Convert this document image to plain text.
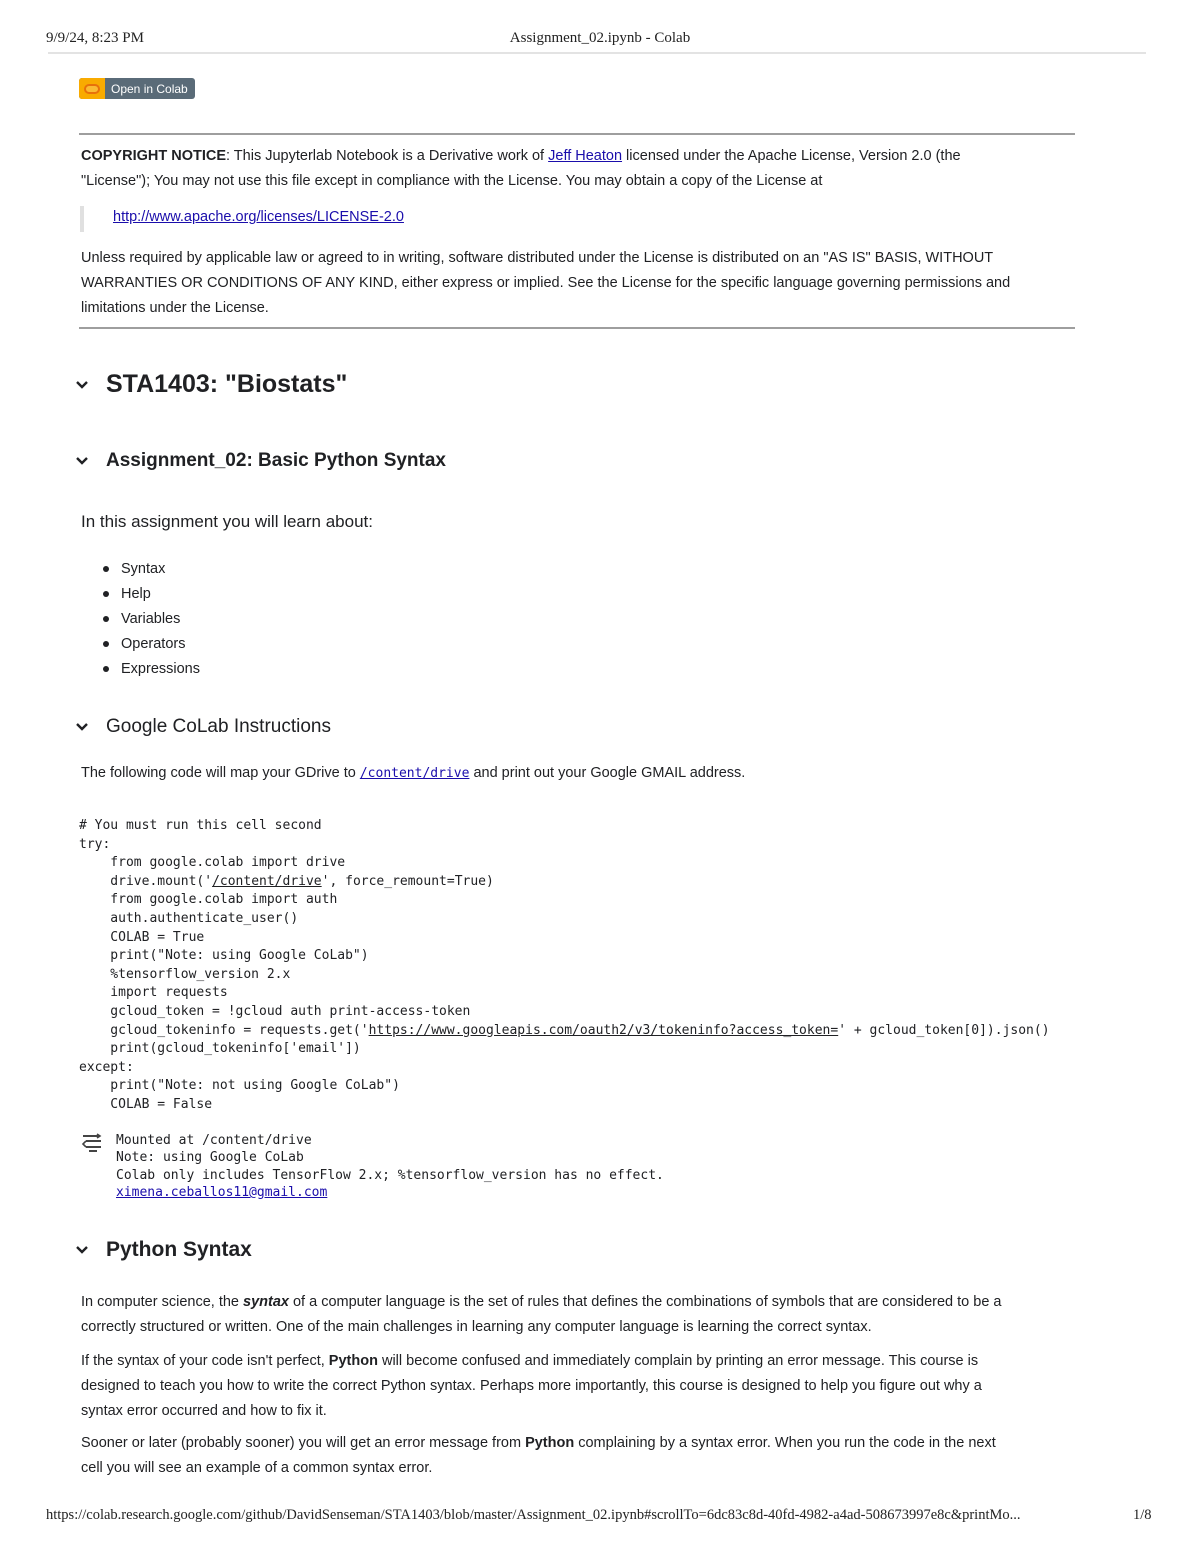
9/9/24, 8:23 PM	Assignment_02.ipynb - Colab
Open in Colab
COPYRIGHT NOTICE: This Jupyterlab Notebook is a Derivative work of Jeff Heaton licensed under the Apache License, Version 2.0 (the
"License"); You may not use this file except in compliance with the License. You may obtain a copy of the License at
http://www.apache.org/licenses/LICENSE-2.0
Unless required by applicable law or agreed to in writing, software distributed under the License is distributed on an "AS IS" BASIS, WITHOUT
WARRANTIES OR CONDITIONS OF ANY KIND, either express or implied. See the License for the specific language governing permissions and
limitations under the License.
STA1403: "Biostats"
Assignment_02: Basic Python Syntax
In this assignment you will learn about:
Syntax
Help
Variables
Operators
Expressions
Google CoLab Instructions
The following code will map your GDrive to /content/drive and print out your Google GMAIL address.
# You must run this cell second
try:
from google.colab import drive
drive.mount('/content/drive', force_remount=True)
from google.colab import auth
auth.authenticate_user()
COLAB = True
print("Note: using Google CoLab")
%tensorflow_version 2.x
import requests
gcloud_token = !gcloud auth print-access-token
gcloud_tokeninfo = requests.get('https://www.googleapis.com/oauth2/v3/tokeninfo?access_token=' + gcloud_token[0]).json()
print(gcloud_tokeninfo['email'])
except:
print("Note: not using Google CoLab")
COLAB = False
Mounted at /content/drive
Note: using Google CoLab
Colab only includes TensorFlow 2.x; %tensorflow_version has no effect.
ximena.ceballos11@gmail.com
Python Syntax
In computer science, the syntax of a computer language is the set of rules that defines the combinations of symbols that are considered to be a
correctly structured or written. One of the main challenges in learning any computer language is learning the correct syntax.
If the syntax of your code isn't perfect, Python will become confused and immediately complain by printing an error message. This course is
designed to teach you how to write the correct Python syntax. Perhaps more importantly, this course is designed to help you figure out why a
syntax error occurred and how to fix it.
Sooner or later (probably sooner) you will get an error message from Python complaining by a syntax error. When you run the code in the next
cell you will see an example of a common syntax error.
https://colab.research.google.com/github/DavidSenseman/STA1403/blob/master/Assignment_02.ipynb#scrollTo=6dc83c8d-40fd-4982-a4ad-508673997e8c&printMo...	1/8
